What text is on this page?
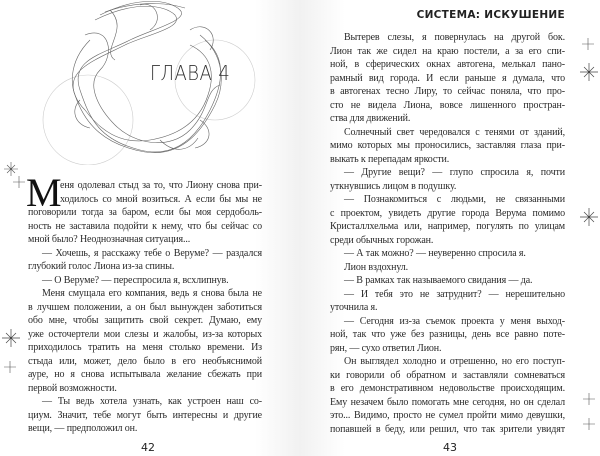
ГЛАВА 4
М
еня одолевал стыд за то, что Лиону снова при-
ходилось со мной возиться. А если бы мы не
поговорили тогда за баром, если бы моя сердоболь-
ность не заставила подойти к нему, что бы сейчас со
мной было? Неоднозначная ситуация...
— Хочешь, я расскажу тебе о Веруме? — раздался
глубокий голос Лиона из-за спины.
— О Веруме? — переспросила я, всхлипнув.
Меня смущала его компания, ведь я снова была не
в лучшем положении, а он был вынужден заботиться
обо мне, чтобы защитить свой секрет. Думаю, ему
уже осточертели мои слезы и жалобы, из-за которых
приходилось тратить на меня столько времени. Из
стыда или, может, дело было в его необъяснимой
ауре, но я снова испытывала желание сбежать при
первой возможности.
— Ты ведь хотела узнать, как устроен наш со-
циум. Значит, тебе могут быть интересны и другие
вещи, — предположил он.
42
СИСТЕМА: ИСКУШЕНИЕ
Вытерев слезы, я повернулась на другой бок.
Лион так же сидел на краю постели, а за его спи-
ной, в сферических окнах автогена, мелькал пано-
рамный вид города. И если раньше я думала, что
в автогенах тесно Лиру, то сейчас поняла, что про-
сто не видела Лиона, вовсе лишенного простран-
ства для движений.
Солнечный свет чередовался с тенями от зданий,
мимо которых мы проносились, заставляя глаза при-
выкать к перепадам яркости.
— Другие вещи? — глупо спросила я, почти
уткнувшись лицом в подушку.
— Познакомиться с людьми, не связанными
с проектом, увидеть другие города Верума помимо
Кристаллхельма или, например, погулять по улицам
среди обычных горожан.
— А так можно? — неуверенно спросила я.
Лион вздохнул.
— В рамках так называемого свидания — да.
— И тебя это не затруднит? — нерешительно
уточнила я.
— Сегодня из-за съемок проекта у меня выход-
ной, так что уже без разницы, день все равно поте-
рян, — сухо ответил Лион.
Он выглядел холодно и отрешенно, но его поступ-
ки говорили об обратном и заставляли сомневаться
в его демонстративном недовольстве происходящим.
Ему незачем было помогать мне сегодня, но он сделал
это... Видимо, просто не сумел пройти мимо девушки,
попавшей в беду, или решил, что так зрители увидят
43
